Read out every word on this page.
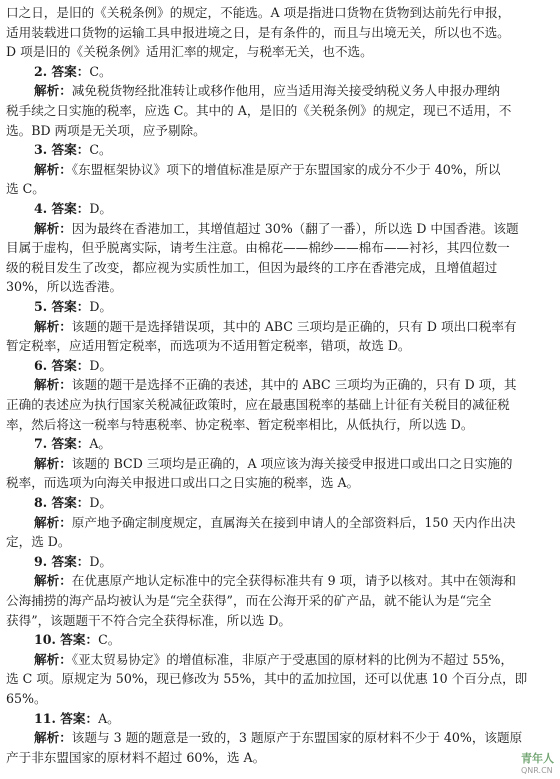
口之日，是旧的《关税条例》的规定，不能选。A 项是指进口货物在货物到达前先行申报，
适用装载进口货物的运输工具申报进境之日，是有条件的，而且与出境无关，所以也不选。
D 项是旧的《关税条例》适用汇率的规定，与税率无关，也不选。
2. 答案：C。
解析：减免税货物经批准转让或移作他用，应当适用海关接受纳税义务人申报办理纳
税手续之日实施的税率，应选 C。其中的 A，是旧的《关税条例》的规定，现已不适用，不
选。BD 两项是无关项，应予剔除。
3. 答案：C。
解析：《东盟框架协议》项下的增值标准是原产于东盟国家的成分不少于 40%，所以
选 C。
4. 答案：D。
解析：因为最终在香港加工，其增值超过 30%（翻了一番），所以选 D 中国香港。该题
目属于虚构，但乎脱离实际，请考生注意。由棉花——棉纱——棉布——衬衫，其四位数一
级的税目发生了改变，都应视为实质性加工，但因为最终的工序在香港完成，且增值超过
30%，所以选香港。
5. 答案：D。
解析：该题的题干是选择错误项，其中的 ABC 三项均是正确的，只有 D 项出口税率有
暂定税率，应适用暂定税率，而选项为不适用暂定税率，错项，故选 D。
6. 答案：D。
解析：该题的题干是选择不正确的表述，其中的 ABC 三项均为正确的，只有 D 项，其
正确的表述应为执行国家关税减征政策时，应在最惠国税率的基础上计征有关税目的减征税
率，然后将这一税率与特惠税率、协定税率、暂定税率相比，从低执行，所以选 D。
7. 答案：A。
解析：该题的 BCD 三项均是正确的，A 项应该为海关接受申报进口或出口之日实施的
税率，而选项为向海关申报进口或出口之日实施的税率，选 A。
8. 答案：D。
解析：原产地予确定制度规定，直属海关在接到申请人的全部资料后，150 天内作出决
定，选 D。
9. 答案：D。
解析：在优惠原产地认定标准中的完全获得标准共有 9 项，请予以核对。其中在领海和
公海捕捞的海产品均被认为是“完全获得”，而在公海开采的矿产品，就不能认为是“完全
获得”，该题题干不符合完全获得标准，所以选 D。
10. 答案：C。
解析：《亚太贸易协定》的增值标准，非原产于受惠国的原材料的比例为不超过 55%，
选 C 项。原规定为 50%，现已修改为 55%，其中的孟加拉国，还可以优惠 10 个百分点，即
65%。
11. 答案：A。
解析：该题与 3 题的题意是一致的，3 题原产于东盟国家的原材料不少于 40%，该题原
产于非东盟国家的原材料不超过 60%，选 A。	青年人
QNR.CN
